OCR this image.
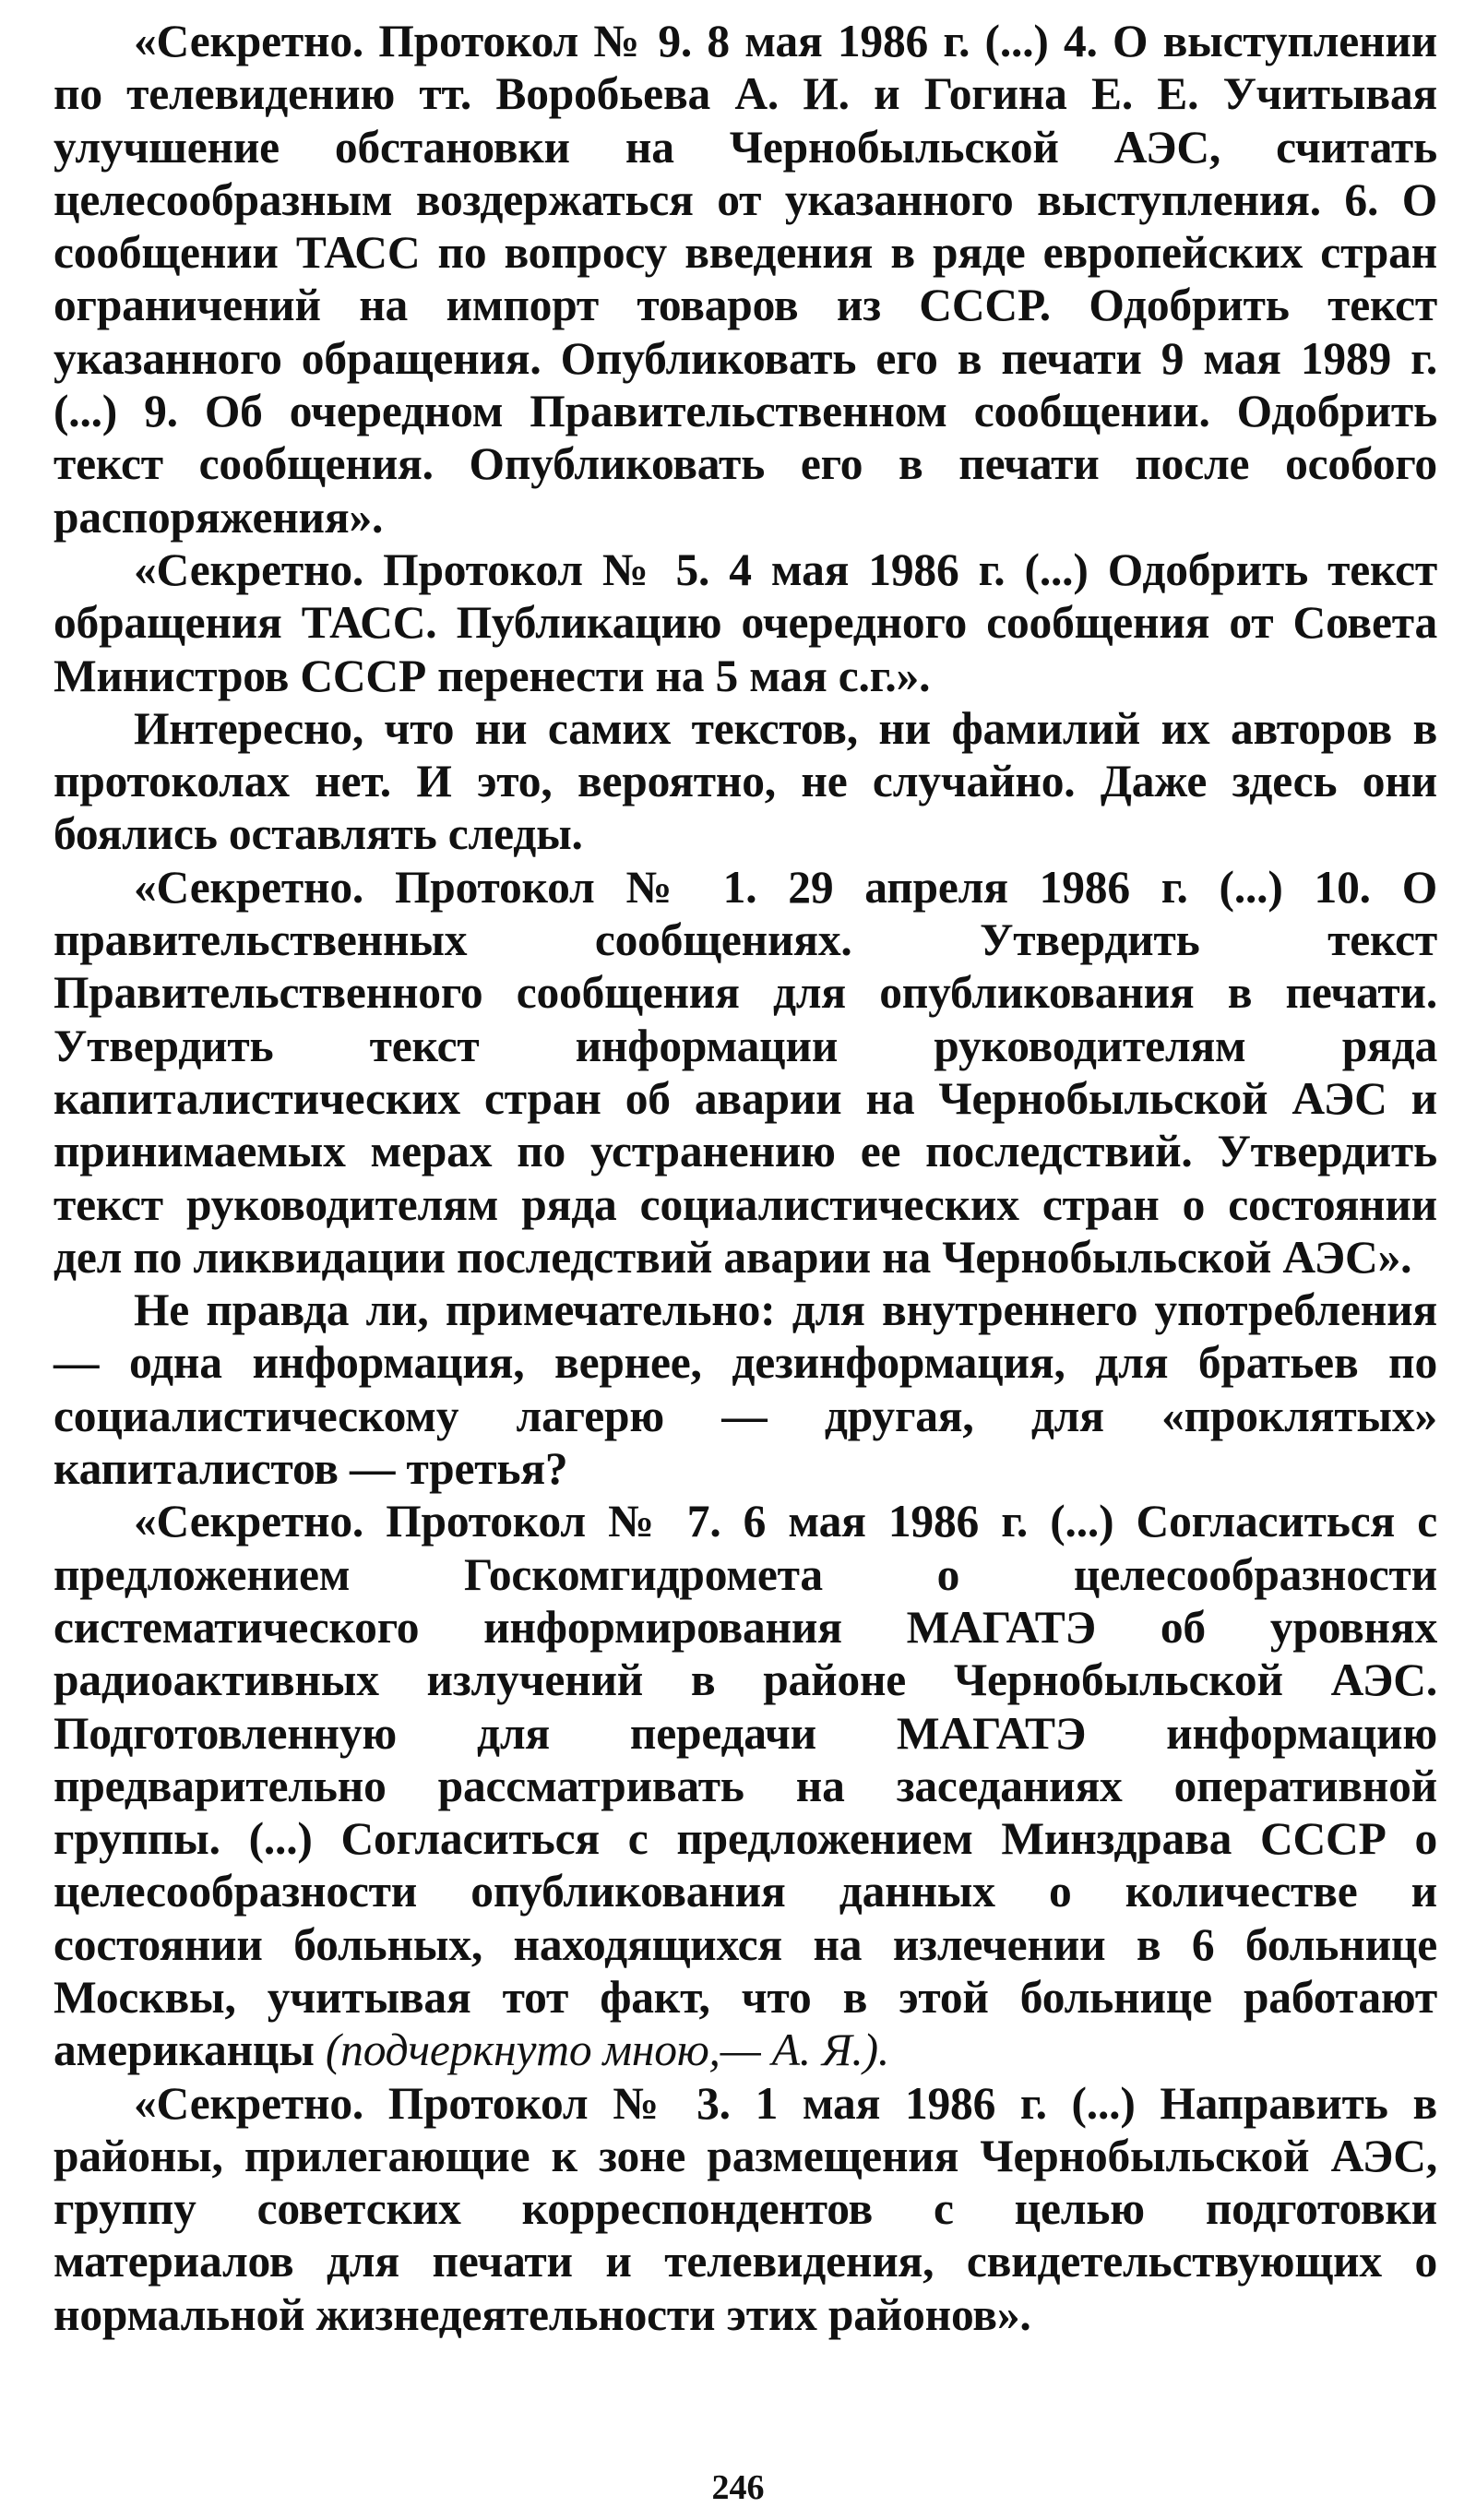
«Секретно. Протокол № 9. 8 мая 1986 г. (...) 4. О выступлении по телевидению тт. Воробьева А. И. и Гогина Е. Е. Учитывая улучшение обстановки на Чернобыльской АЭС, считать целесообразным воздержаться от указанного выступления. 6. О сообщении ТАСС по вопросу введения в ряде европейских стран ограничений на импорт товаров из СССР. Одобрить текст указанного обращения. Опубликовать его в печати 9 мая 1989 г. (...) 9. Об очередном Правительственном сообщении. Одобрить текст сообщения. Опубликовать его в печати после особого распоряжения».

«Секретно. Протокол № 5. 4 мая 1986 г. (...) Одобрить текст обращения ТАСС. Публикацию очередного сообщения от Совета Министров СССР перенести на 5 мая с.г.».

Интересно, что ни самих текстов, ни фамилий их авторов в протоколах нет. И это, вероятно, не случайно. Даже здесь они боялись оставлять следы.

«Секретно. Протокол № 1. 29 апреля 1986 г. (...) 10. О правительственных сообщениях. Утвердить текст Правительственного сообщения для опубликования в печати. Утвердить текст информации руководителям ряда капиталистических стран об аварии на Чернобыльской АЭС и принимаемых мерах по устранению ее последствий. Утвердить текст руководителям ряда социалистических стран о состоянии дел по ликвидации последствий аварии на Чернобыльской АЭС».

Не правда ли, примечательно: для внутреннего употребления — одна информация, вернее, дезинформация, для братьев по социалистическому лагерю — другая, для «проклятых» капиталистов — третья?

«Секретно. Протокол № 7. 6 мая 1986 г. (...) Согласиться с предложением Госкомгидромета о целесообразности систематического информирования МАГАТЭ об уровнях радиоактивных излучений в районе Чернобыльской АЭС. Подготовленную для передачи МАГАТЭ информацию предварительно рассматривать на заседаниях оперативной группы. (...) Согласиться с предложением Минздрава СССР о целесообразности опубликования данных о количестве и состоянии больных, находящихся на излечении в 6 больнице Москвы, учитывая тот факт, что в этой больнице работают американцы (подчеркнуто мною,— А. Я.).

«Секретно. Протокол № 3. 1 мая 1986 г. (...) Направить в районы, прилегающие к зоне размещения Чернобыльской АЭС, группу советских корреспондентов с целью подготовки материалов для печати и телевидения, свидетельствующих о нормальной жизнедеятельности этих районов».

246
